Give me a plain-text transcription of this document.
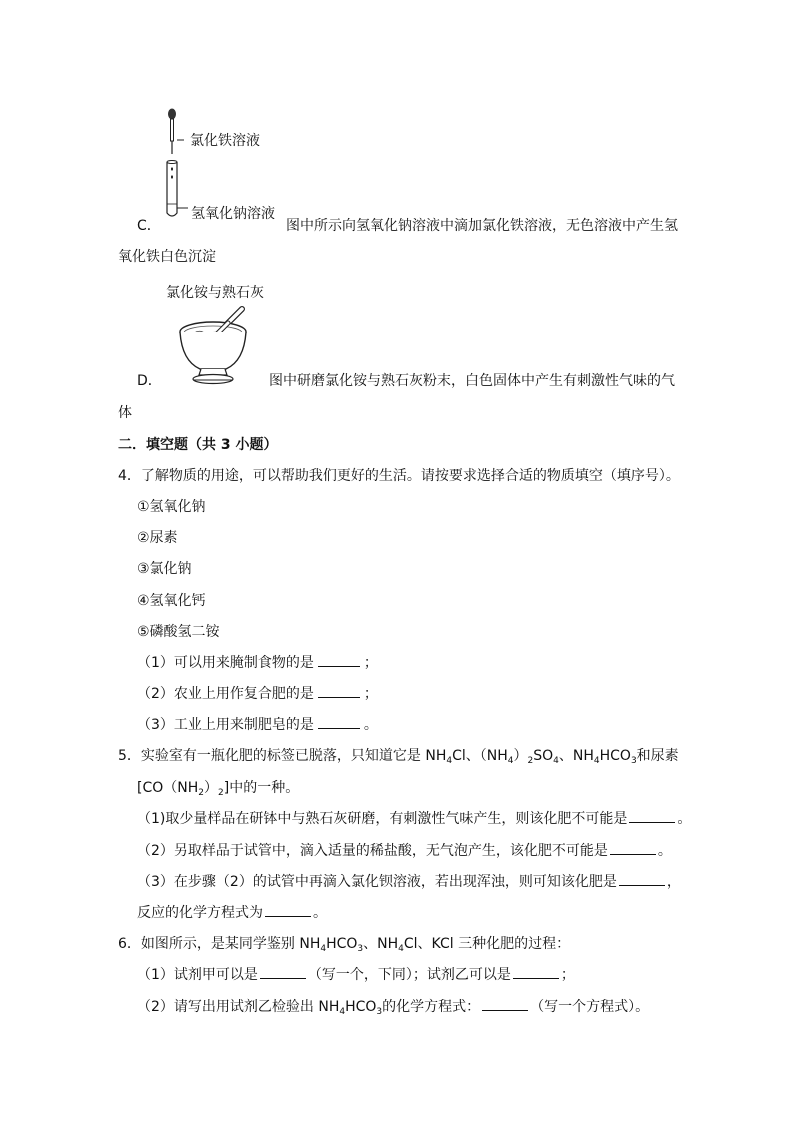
氯化铁溶液
氢氧化钠溶液
C．	图中所示向氢氧化钠溶液中滴加氯化铁溶液，无色溶液中产生氢
氧化铁白色沉淀
氯化铵与熟石灰
D．	图中研磨氯化铵与熟石灰粉末，白色固体中产生有刺激性气味的气
体
二．填空题（共 3 小题）
4．了解物质的用途，可以帮助我们更好的生活。请按要求选择合适的物质填空（填序号）。
①氢氧化钠
②尿素
③氯化钠
④氢氧化钙
⑤磷酸氢二铵
（1）可以用来腌制食物的是	；
（2）农业上用作复合肥的是	；
（3）工业上用来制肥皂的是	。
5．实验室有一瓶化肥的标签已脱落，只知道它是 $NH_4Cl$、$(NH_4)_2SO_4$、$NH_4HCO_3$和尿素
$[CO(NH_2)_2]$中的一种。
（1)取少量样品在研钵中与熟石灰研磨，有刺激性气味产生，则该化肥不可能是	。
（2）另取样品于试管中，滴入适量的稀盐酸，无气泡产生，该化肥不可能是	。
（3）在步骤（2）的试管中再滴入氯化钡溶液，若出现浑浊，则可知该化肥是	，
反应的化学方程式为	。
6．如图所示，是某同学鉴别 $NH_4HCO_3$、$NH_4Cl$、KCl 三种化肥的过程：
（1）试剂甲可以是	（写一个，下同）；试剂乙可以是	；
（2）请写出用试剂乙检验出 $NH_4HCO_3$的化学方程式：	（写一个方程式）。
